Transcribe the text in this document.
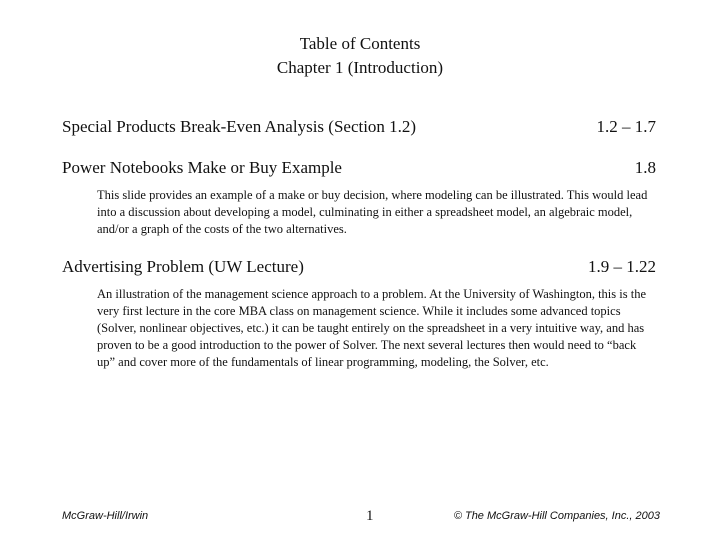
Table of Contents
Chapter 1 (Introduction)
Special Products Break-Even Analysis (Section 1.2)	1.2 – 1.7
Power Notebooks Make or Buy Example	1.8
This slide provides an example of a make or buy decision, where modeling can be illustrated. This would lead into a discussion about developing a model, culminating in either a spreadsheet model, an algebraic model, and/or a graph of the costs of the two alternatives.
Advertising Problem (UW Lecture)	1.9 – 1.22
An illustration of the management science approach to a problem. At the University of Washington, this is the very first lecture in the core MBA class on management science. While it includes some advanced topics (Solver, nonlinear objectives, etc.) it can be taught entirely on the spreadsheet in a very intuitive way, and has proven to be a good introduction to the power of Solver. The next several lectures then would need to “back up” and cover more of the fundamentals of linear programming, modeling, the Solver, etc.
McGraw-Hill/Irwin	1	© The McGraw-Hill Companies, Inc., 2003
